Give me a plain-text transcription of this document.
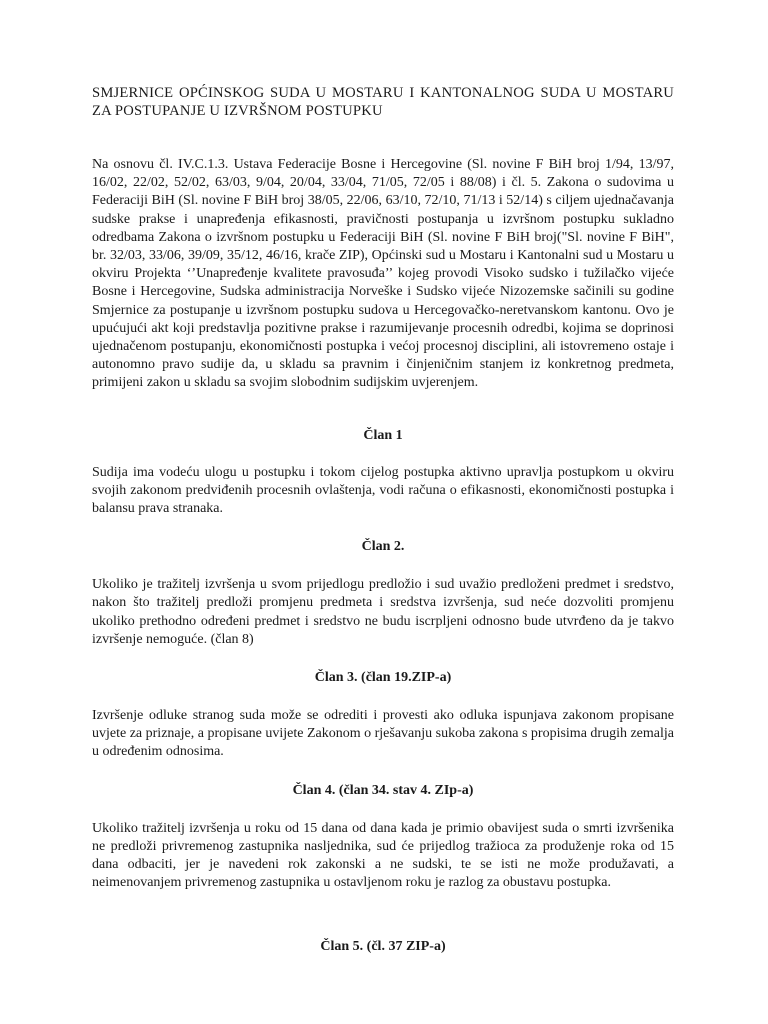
SMJERNICE OPĆINSKOG SUDA U MOSTARU I KANTONALNOG SUDA U MOSTARU ZA POSTUPANJE U IZVRŠNOM POSTUPKU

Na osnovu čl. IV.C.1.3. Ustava Federacije Bosne i Hercegovine (Sl. novine F BiH broj 1/94, 13/97, 16/02, 22/02, 52/02, 63/03, 9/04, 20/04, 33/04, 71/05, 72/05 i 88/08) i čl. 5. Zakona o sudovima u Federaciji BiH (Sl. novine F BiH broj 38/05, 22/06, 63/10, 72/10, 71/13 i 52/14) s ciljem ujednačavanja sudske prakse i unapređenja efikasnosti, pravičnosti postupanja u izvršnom postupku sukladno odredbama Zakona o izvršnom postupku u Federaciji BiH (Sl. novine F BiH broj("Sl. novine F BiH", br. 32/03, 33/06, 39/09, 35/12, 46/16, krače ZIP), Općinski sud u Mostaru i Kantonalni sud u Mostaru u okviru Projekta ‘’Unapređenje kvalitete pravosuđa’’ kojeg provodi Visoko sudsko i tužilačko vijeće Bosne i Hercegovine, Sudska administracija Norveške i Sudsko vijeće Nizozemske sačinili su godine Smjernice za postupanje u izvršnom postupku sudova u Hercegovačko-neretvanskom kantonu. Ovo je upućujući akt koji predstavlja pozitivne prakse i razumijevanje procesnih odredbi, kojima se doprinosi ujednačenom postupanju, ekonomičnosti postupka i većoj procesnoj disciplini, ali istovremeno ostaje i autonomno pravo sudije da, u skladu sa pravnim i činjeničnim stanjem iz konkretnog predmeta, primijeni zakon u skladu sa svojim slobodnim sudijskim uvjerenjem.

Član 1

Sudija ima vodeću ulogu u postupku i tokom cijelog postupka aktivno upravlja postupkom u okviru svojih zakonom predviđenih procesnih ovlaštenja, vodi računa o efikasnosti, ekonomičnosti postupka i balansu prava stranaka.

Član 2.

Ukoliko je tražitelj izvršenja u svom prijedlogu predložio i sud uvažio predloženi predmet i sredstvo, nakon što tražitelj predloži promjenu predmeta i sredstva izvršenja, sud neće dozvoliti promjenu ukoliko prethodno određeni predmet i sredstvo ne budu iscrpljeni odnosno bude utvrđeno da je takvo izvršenje nemoguće. (član 8)

Član 3. (član 19.ZIP-a)

Izvršenje odluke stranog suda može se odrediti i provesti ako odluka ispunjava zakonom propisane uvjete za priznaje, a propisane uvijete Zakonom o rješavanju sukoba zakona s propisima drugih zemalja u određenim odnosima.

Član 4. (član 34. stav 4. ZIp-a)

Ukoliko tražitelj izvršenja u roku od 15 dana od dana kada je primio obavijest suda o smrti izvršenika ne predloži privremenog zastupnika nasljednika, sud će prijedlog tražioca za produženje roka od 15 dana odbaciti, jer je navedeni rok zakonski a ne sudski, te se isti ne može produžavati, a neimenovanjem privremenog zastupnika u ostavljenom roku je razlog za obustavu postupka.

Član 5. (čl. 37 ZIP-a)
